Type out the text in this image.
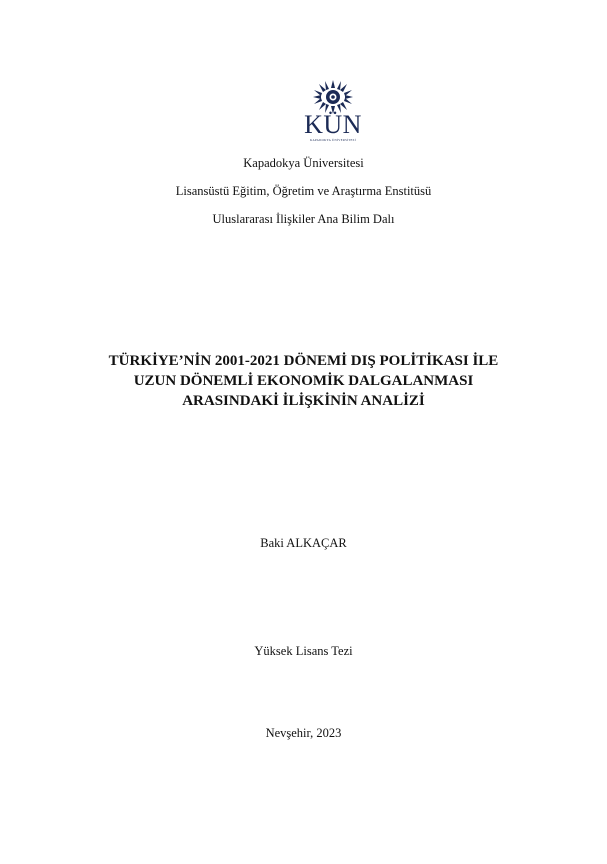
KÜN
KAPADOKYA ÜNİVERSİTESİ
Kapadokya Üniversitesi
Lisansüstü Eğitim, Öğretim ve Araştırma Enstitüsü
Uluslararası İlişkiler Ana Bilim Dalı
TÜRKİYE’NİN 2001-2021 DÖNEMİ DIŞ POLİTİKASI İLE
UZUN DÖNEMLİ EKONOMİK DALGALANMASI
ARASINDAKİ İLİŞKİNİN ANALİZİ
Baki ALKAÇAR
Yüksek Lisans Tezi
Nevşehir, 2023
